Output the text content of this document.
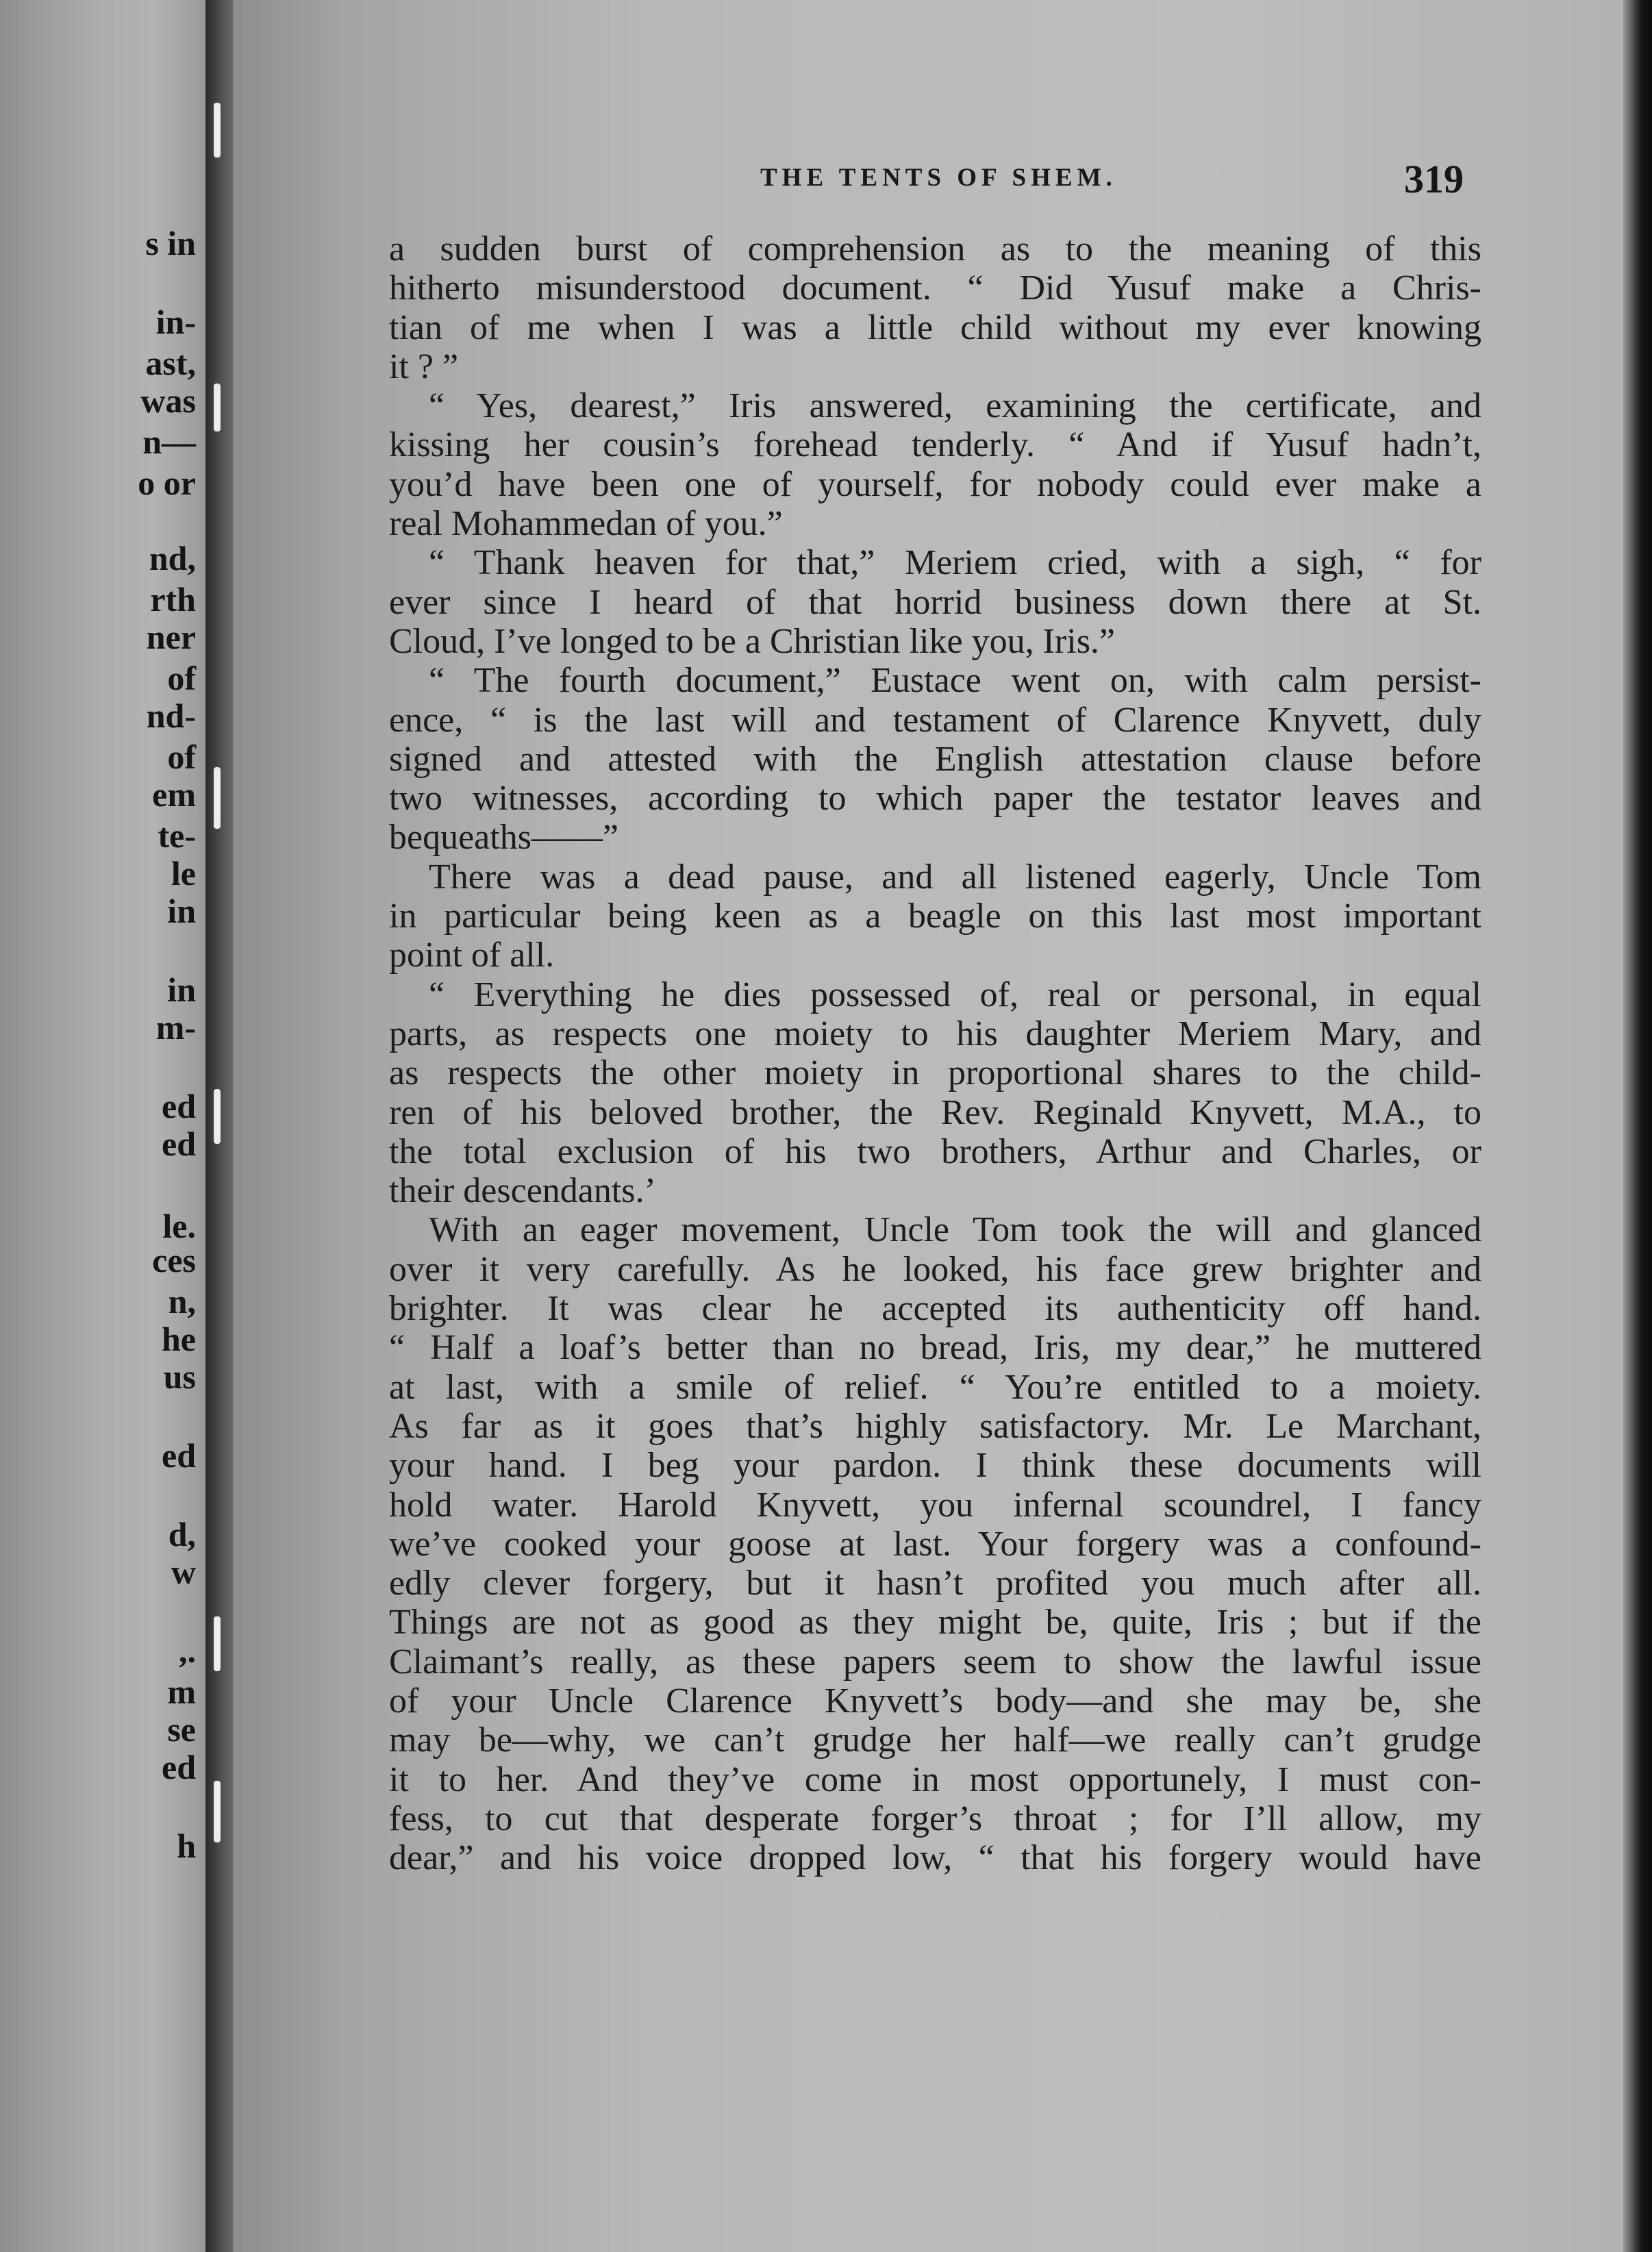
s in
in-
ast,
was
n—
o or
nd,
rth
ner
of
nd-
of
em
te-
le
in
in
m-
ed
ed
le.
ces
n,
he
us
ed
d,
w
,.
m
se
ed
h
THE TENTS OF SHEM.	319
a sudden burst of comprehension as to the meaning of this
hitherto misunderstood document. “ Did Yusuf make a Chris-
tian of me when I was a little child without my ever knowing
it ? ”
“ Yes, dearest,” Iris answered, examining the certificate, and
kissing her cousin’s forehead tenderly. “ And if Yusuf hadn’t,
you’d have been one of yourself, for nobody could ever make a
real Mohammedan of you.”
“ Thank heaven for that,” Meriem cried, with a sigh, “ for
ever since I heard of that horrid business down there at St.
Cloud, I’ve longed to be a Christian like you, Iris.”
“ The fourth document,” Eustace went on, with calm persist-
ence, “ is the last will and testament of Clarence Knyvett, duly
signed and attested with the English attestation clause before
two witnesses, according to which paper the testator leaves and
bequeaths——”
There was a dead pause, and all listened eagerly, Uncle Tom
in particular being keen as a beagle on this last most important
point of all.
“ Everything he dies possessed of, real or personal, in equal
parts, as respects one moiety to his daughter Meriem Mary, and
as respects the other moiety in proportional shares to the child-
ren of his beloved brother, the Rev. Reginald Knyvett, M.A., to
the total exclusion of his two brothers, Arthur and Charles, or
their descendants.’
With an eager movement, Uncle Tom took the will and glanced
over it very carefully. As he looked, his face grew brighter and
brighter. It was clear he accepted its authenticity off hand.
“ Half a loaf’s better than no bread, Iris, my dear,” he muttered
at last, with a smile of relief. “ You’re entitled to a moiety.
As far as it goes that’s highly satisfactory. Mr. Le Marchant,
your hand. I beg your pardon. I think these documents will
hold water. Harold Knyvett, you infernal scoundrel, I fancy
we’ve cooked your goose at last. Your forgery was a confound-
edly clever forgery, but it hasn’t profited you much after all.
Things are not as good as they might be, quite, Iris ; but if the
Claimant’s really, as these papers seem to show the lawful issue
of your Uncle Clarence Knyvett’s body—and she may be, she
may be—why, we can’t grudge her half—we really can’t grudge
it to her. And they’ve come in most opportunely, I must con-
fess, to cut that desperate forger’s throat ; for I’ll allow, my
dear,” and his voice dropped low, “ that his forgery would have
